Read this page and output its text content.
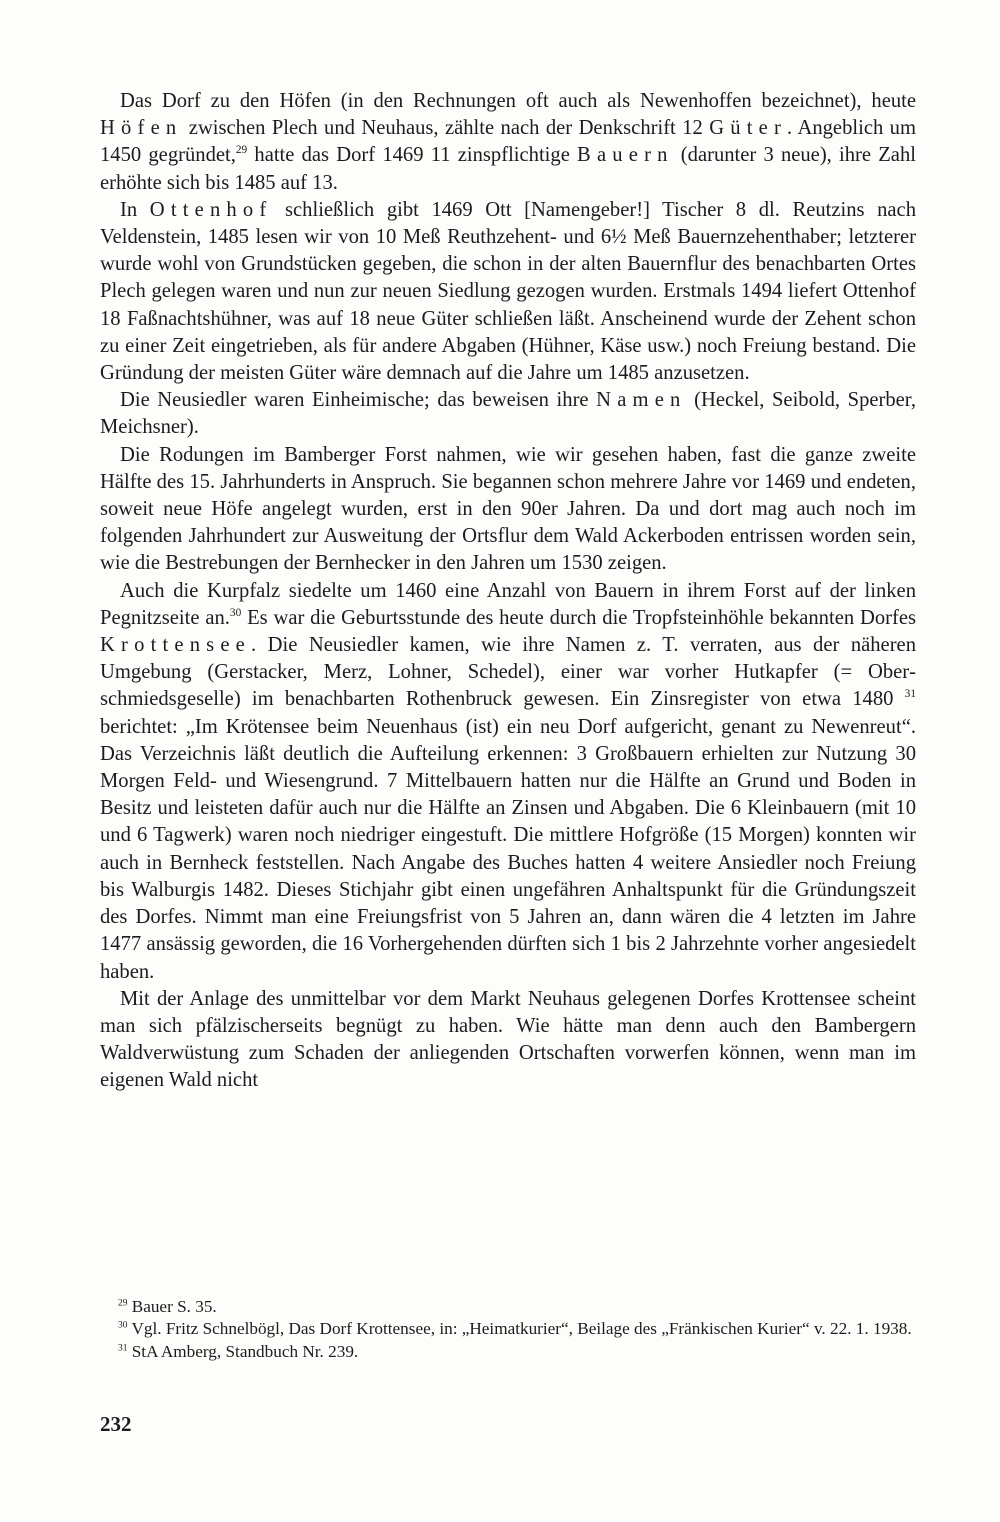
Das Dorf zu den Höfen (in den Rechnungen oft auch als Newenhoffen bezeichnet), heute Höfen zwischen Plech und Neuhaus, zählte nach der Denkschrift 12 Güter. Angeblich um 1450 gegründet,$^{29}$ hatte das Dorf 1469 11 zinspflichtige Bauern (darunter 3 neue), ihre Zahl erhöhte sich bis 1485 auf 13.

In Ottenhof schließlich gibt 1469 Ott [Namengeber!] Tischer 8 dl. Reutzins nach Veldenstein, 1485 lesen wir von 10 Meß Reuthzehent- und 6½ Meß Bauernzehenthaber; letzterer wurde wohl von Grundstücken gegeben, die schon in der alten Bauernflur des benachbarten Ortes Plech gelegen waren und nun zur neuen Siedlung gezogen wurden. Erstmals 1494 liefert Ottenhof 18 Faßnachtshühner, was auf 18 neue Güter schließen läßt. Anscheinend wurde der Zehent schon zu einer Zeit eingetrieben, als für andere Abgaben (Hühner, Käse usw.) noch Freiung bestand. Die Gründung der meisten Güter wäre demnach auf die Jahre um 1485 anzusetzen.

Die Neusiedler waren Einheimische; das beweisen ihre Namen (Heckel, Seibold, Sperber, Meichsner).

Die Rodungen im Bamberger Forst nahmen, wie wir gesehen haben, fast die ganze zweite Hälfte des 15. Jahrhunderts in Anspruch. Sie begannen schon mehrere Jahre vor 1469 und endeten, soweit neue Höfe angelegt wurden, erst in den 90er Jahren. Da und dort mag auch noch im folgenden Jahrhundert zur Ausweitung der Ortsflur dem Wald Ackerboden entrissen worden sein, wie die Bestrebungen der Bernhecker in den Jahren um 1530 zeigen.

Auch die Kurpfalz siedelte um 1460 eine Anzahl von Bauern in ihrem Forst auf der linken Pegnitzseite an.$^{30}$ Es war die Geburtsstunde des heute durch die Tropfsteinhöhle bekannten Dorfes Krottensee. Die Neusiedler kamen, wie ihre Namen z. T. verraten, aus der näheren Umgebung (Gerstacker, Merz, Lohner, Schedel), einer war vorher Hutkapfer (= Oberschmiedsgeselle) im benachbarten Rothenbruck gewesen. Ein Zinsregister von etwa 1480 $^{31}$ berichtet: „Im Krötensee beim Neuenhaus (ist) ein neu Dorf aufgericht, genant zu Newenreut“. Das Verzeichnis läßt deutlich die Aufteilung erkennen: 3 Großbauern erhielten zur Nutzung 30 Morgen Feld- und Wiesengrund. 7 Mittelbauern hatten nur die Hälfte an Grund und Boden in Besitz und leisteten dafür auch nur die Hälfte an Zinsen und Abgaben. Die 6 Kleinbauern (mit 10 und 6 Tagwerk) waren noch niedriger eingestuft. Die mittlere Hofgröße (15 Morgen) konnten wir auch in Bernheck feststellen. Nach Angabe des Buches hatten 4 weitere Ansiedler noch Freiung bis Walburgis 1482. Dieses Stichjahr gibt einen ungefähren Anhaltspunkt für die Gründungszeit des Dorfes. Nimmt man eine Freiungsfrist von 5 Jahren an, dann wären die 4 letzten im Jahre 1477 ansässig geworden, die 16 Vorhergehenden dürften sich 1 bis 2 Jahrzehnte vorher angesiedelt haben.

Mit der Anlage des unmittelbar vor dem Markt Neuhaus gelegenen Dorfes Krottensee scheint man sich pfälzischerseits begnügt zu haben. Wie hätte man denn auch den Bambergern Waldverwüstung zum Schaden der anliegenden Ortschaften vorwerfen können, wenn man im eigenen Wald nicht

$^{29}$ Bauer S. 35.

$^{30}$ Vgl. Fritz Schnelbögl, Das Dorf Krottensee, in: „Heimatkurier“, Beilage des „Fränkischen Kurier“ v. 22. 1. 1938.

$^{31}$ StA Amberg, Standbuch Nr. 239.

232
